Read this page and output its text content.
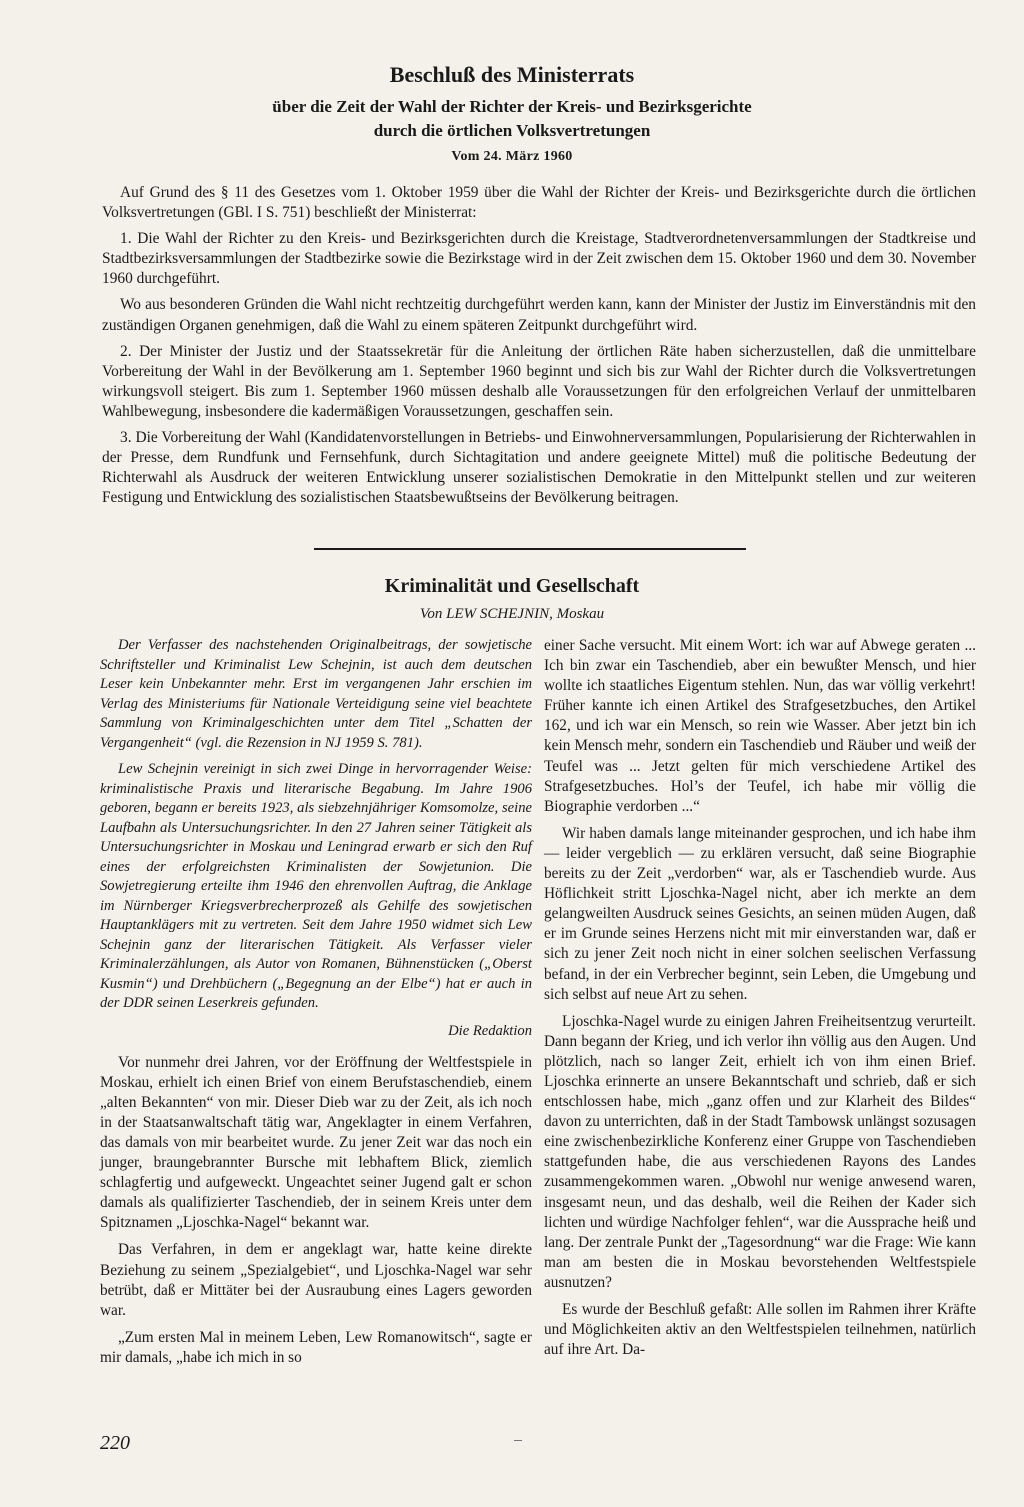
Beschluß des Ministerrats
über die Zeit der Wahl der Richter der Kreis- und Bezirksgerichte
durch die örtlichen Volksvertretungen
Vom 24. März 1960

Auf Grund des § 11 des Gesetzes vom 1. Oktober 1959 über die Wahl der Richter der Kreis- und Bezirksgerichte durch die örtlichen Volksvertretungen (GBl. I S. 751) beschließt der Ministerrat:

1. Die Wahl der Richter zu den Kreis- und Bezirksgerichten durch die Kreistage, Stadtverordnetenversammlungen der Stadtkreise und Stadtbezirksversammlungen der Stadtbezirke sowie die Bezirkstage wird in der Zeit zwischen dem 15. Oktober 1960 und dem 30. November 1960 durchgeführt.

Wo aus besonderen Gründen die Wahl nicht rechtzeitig durchgeführt werden kann, kann der Minister der Justiz im Einverständnis mit den zuständigen Organen genehmigen, daß die Wahl zu einem späteren Zeitpunkt durchgeführt wird.

2. Der Minister der Justiz und der Staatssekretär für die Anleitung der örtlichen Räte haben sicherzustellen, daß die unmittelbare Vorbereitung der Wahl in der Bevölkerung am 1. September 1960 beginnt und sich bis zur Wahl der Richter durch die Volksvertretungen wirkungsvoll steigert. Bis zum 1. September 1960 müssen deshalb alle Voraussetzungen für den erfolgreichen Verlauf der unmittelbaren Wahlbewegung, insbesondere die kadermäßigen Voraussetzungen, geschaffen sein.

3. Die Vorbereitung der Wahl (Kandidatenvorstellungen in Betriebs- und Einwohnerversammlungen, Popularisierung der Richterwahlen in der Presse, dem Rundfunk und Fernsehfunk, durch Sichtagitation und andere geeignete Mittel) muß die politische Bedeutung der Richterwahl als Ausdruck der weiteren Entwicklung unserer sozialistischen Demokratie in den Mittelpunkt stellen und zur weiteren Festigung und Entwicklung des sozialistischen Staatsbewußtseins der Bevölkerung beitragen.

Kriminalität und Gesellschaft
Von LEW SCHEJNIN, Moskau

Der Verfasser des nachstehenden Originalbeitrags, der sowjetische Schriftsteller und Kriminalist Lew Schejnin, ist auch dem deutschen Leser kein Unbekannter mehr. Erst im vergangenen Jahr erschien im Verlag des Ministeriums für Nationale Verteidigung seine viel beachtete Sammlung von Kriminalgeschichten unter dem Titel „Schatten der Vergangenheit“ (vgl. die Rezension in NJ 1959 S. 781).

Lew Schejnin vereinigt in sich zwei Dinge in hervorragender Weise: kriminalistische Praxis und literarische Begabung. Im Jahre 1906 geboren, begann er bereits 1923, als siebzehnjähriger Komsomolze, seine Laufbahn als Untersuchungsrichter. In den 27 Jahren seiner Tätigkeit als Untersuchungsrichter in Moskau und Leningrad erwarb er sich den Ruf eines der erfolgreichsten Kriminalisten der Sowjetunion. Die Sowjetregierung erteilte ihm 1946 den ehrenvollen Auftrag, die Anklage im Nürnberger Kriegsverbrecherprozeß als Gehilfe des sowjetischen Hauptanklägers mit zu vertreten. Seit dem Jahre 1950 widmet sich Lew Schejnin ganz der literarischen Tätigkeit. Als Verfasser vieler Kriminalerzählungen, als Autor von Romanen, Bühnenstücken („Oberst Kusmin“) und Drehbüchern („Begegnung an der Elbe“) hat er auch in der DDR seinen Leserkreis gefunden.

Die Redaktion

Vor nunmehr drei Jahren, vor der Eröffnung der Weltfestspiele in Moskau, erhielt ich einen Brief von einem Berufstaschendieb, einem „alten Bekannten“ von mir. Dieser Dieb war zu der Zeit, als ich noch in der Staatsanwaltschaft tätig war, Angeklagter in einem Verfahren, das damals von mir bearbeitet wurde. Zu jener Zeit war das noch ein junger, braungebrannter Bursche mit lebhaftem Blick, ziemlich schlagfertig und aufgeweckt. Ungeachtet seiner Jugend galt er schon damals als qualifizierter Taschendieb, der in seinem Kreis unter dem Spitznamen „Ljoschka-Nagel“ bekannt war.

Das Verfahren, in dem er angeklagt war, hatte keine direkte Beziehung zu seinem „Spezialgebiet“, und Ljoschka-Nagel war sehr betrübt, daß er Mittäter bei der Ausraubung eines Lagers geworden war.

„Zum ersten Mal in meinem Leben, Lew Romanowitsch“, sagte er mir damals, „habe ich mich in so

einer Sache versucht. Mit einem Wort: ich war auf Abwege geraten ... Ich bin zwar ein Taschendieb, aber ein bewußter Mensch, und hier wollte ich staatliches Eigentum stehlen. Nun, das war völlig verkehrt! Früher kannte ich einen Artikel des Strafgesetzbuches, den Artikel 162, und ich war ein Mensch, so rein wie Wasser. Aber jetzt bin ich kein Mensch mehr, sondern ein Taschendieb und Räuber und weiß der Teufel was ... Jetzt gelten für mich verschiedene Artikel des Strafgesetzbuches. Hol’s der Teufel, ich habe mir völlig die Biographie verdorben ...“

Wir haben damals lange miteinander gesprochen, und ich habe ihm — leider vergeblich — zu erklären versucht, daß seine Biographie bereits zu der Zeit „verdorben“ war, als er Taschendieb wurde. Aus Höflichkeit stritt Ljoschka-Nagel nicht, aber ich merkte an dem gelangweilten Ausdruck seines Gesichts, an seinen müden Augen, daß er im Grunde seines Herzens nicht mit mir einverstanden war, daß er sich zu jener Zeit noch nicht in einer solchen seelischen Verfassung befand, in der ein Verbrecher beginnt, sein Leben, die Umgebung und sich selbst auf neue Art zu sehen.

Ljoschka-Nagel wurde zu einigen Jahren Freiheitsentzug verurteilt. Dann begann der Krieg, und ich verlor ihn völlig aus den Augen. Und plötzlich, nach so langer Zeit, erhielt ich von ihm einen Brief. Ljoschka erinnerte an unsere Bekanntschaft und schrieb, daß er sich entschlossen habe, mich „ganz offen und zur Klarheit des Bildes“ davon zu unterrichten, daß in der Stadt Tambowsk unlängst sozusagen eine zwischenbezirkliche Konferenz einer Gruppe von Taschendieben stattgefunden habe, die aus verschiedenen Rayons des Landes zusammengekommen waren. „Obwohl nur wenige anwesend waren, insgesamt neun, und das deshalb, weil die Reihen der Kader sich lichten und würdige Nachfolger fehlen“, war die Aussprache heiß und lang. Der zentrale Punkt der „Tagesordnung“ war die Frage: Wie kann man am besten die in Moskau bevorstehenden Weltfestspiele ausnutzen?

Es wurde der Beschluß gefaßt: Alle sollen im Rahmen ihrer Kräfte und Möglichkeiten aktiv an den Weltfestspielen teilnehmen, natürlich auf ihre Art. Da-

220
